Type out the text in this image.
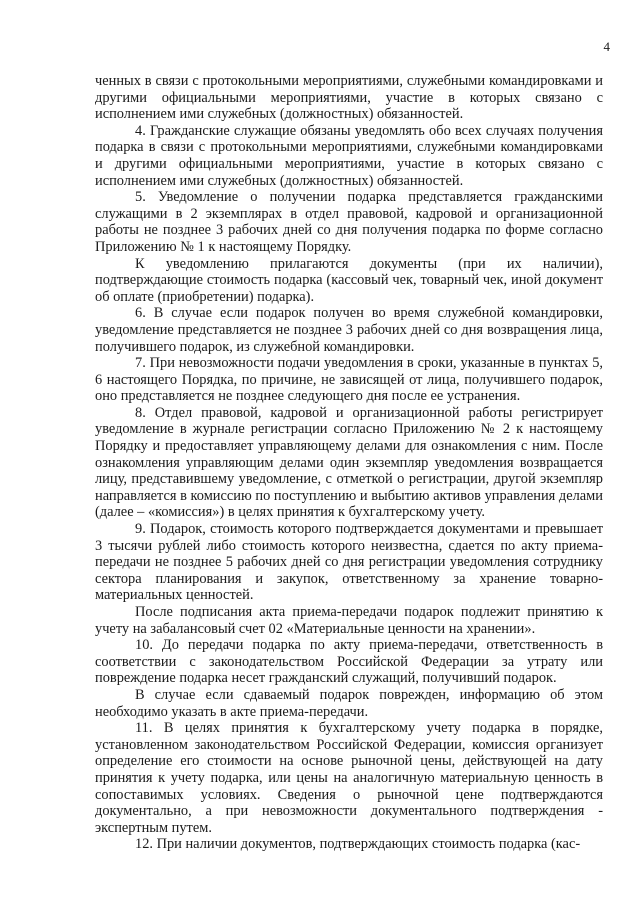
4

ченных в связи с протокольными мероприятиями, служебными командировками и другими официальными мероприятиями, участие в которых связано с исполнением ими служебных (должностных) обязанностей.

4. Гражданские служащие обязаны уведомлять обо всех случаях получения подарка в связи с протокольными мероприятиями, служебными командировками и другими официальными мероприятиями, участие в которых связано с исполнением ими служебных (должностных) обязанностей.

5. Уведомление о получении подарка представляется гражданскими служащими в 2 экземплярах в отдел правовой, кадровой и организационной работы не позднее 3 рабочих дней со дня получения подарка по форме согласно Приложению № 1 к настоящему Порядку.

К уведомлению прилагаются документы (при их наличии), подтверждающие стоимость подарка (кассовый чек, товарный чек, иной документ об оплате (приобретении) подарка).

6. В случае если подарок получен во время служебной командировки, уведомление представляется не позднее 3 рабочих дней со дня возвращения лица, получившего подарок, из служебной командировки.

7. При невозможности подачи уведомления в сроки, указанные в пунктах 5, 6 настоящего Порядка, по причине, не зависящей от лица, получившего подарок, оно представляется не позднее следующего дня после ее устранения.

8. Отдел правовой, кадровой и организационной работы регистрирует уведомление в журнале регистрации согласно Приложению № 2 к настоящему Порядку и предоставляет управляющему делами для ознакомления с ним. После ознакомления управляющим делами один экземпляр уведомления возвращается лицу, представившему уведомление, с отметкой о регистрации, другой экземпляр направляется в комиссию по поступлению и выбытию активов управления делами (далее – «комиссия») в целях принятия к бухгалтерскому учету.

9. Подарок, стоимость которого подтверждается документами и превышает 3 тысячи рублей либо стоимость которого неизвестна, сдается по акту приема-передачи не позднее 5 рабочих дней со дня регистрации уведомления сотруднику сектора планирования и закупок, ответственному за хранение товарно-материальных ценностей.

После подписания акта приема-передачи подарок подлежит принятию к учету на забалансовый счет 02 «Материальные ценности на хранении».

10. До передачи подарка по акту приема-передачи, ответственность в соответствии с законодательством Российской Федерации за утрату или повреждение подарка несет гражданский служащий, получивший подарок.

В случае если сдаваемый подарок поврежден, информацию об этом необходимо указать в акте приема-передачи.

11. В целях принятия к бухгалтерскому учету подарка в порядке, установленном законодательством Российской Федерации, комиссия организует определение его стоимости на основе рыночной цены, действующей на дату принятия к учету подарка, или цены на аналогичную материальную ценность в сопоставимых условиях. Сведения о рыночной цене подтверждаются документально, а при невозможности документального подтверждения - экспертным путем.

12. При наличии документов, подтверждающих стоимость подарка (кас-
